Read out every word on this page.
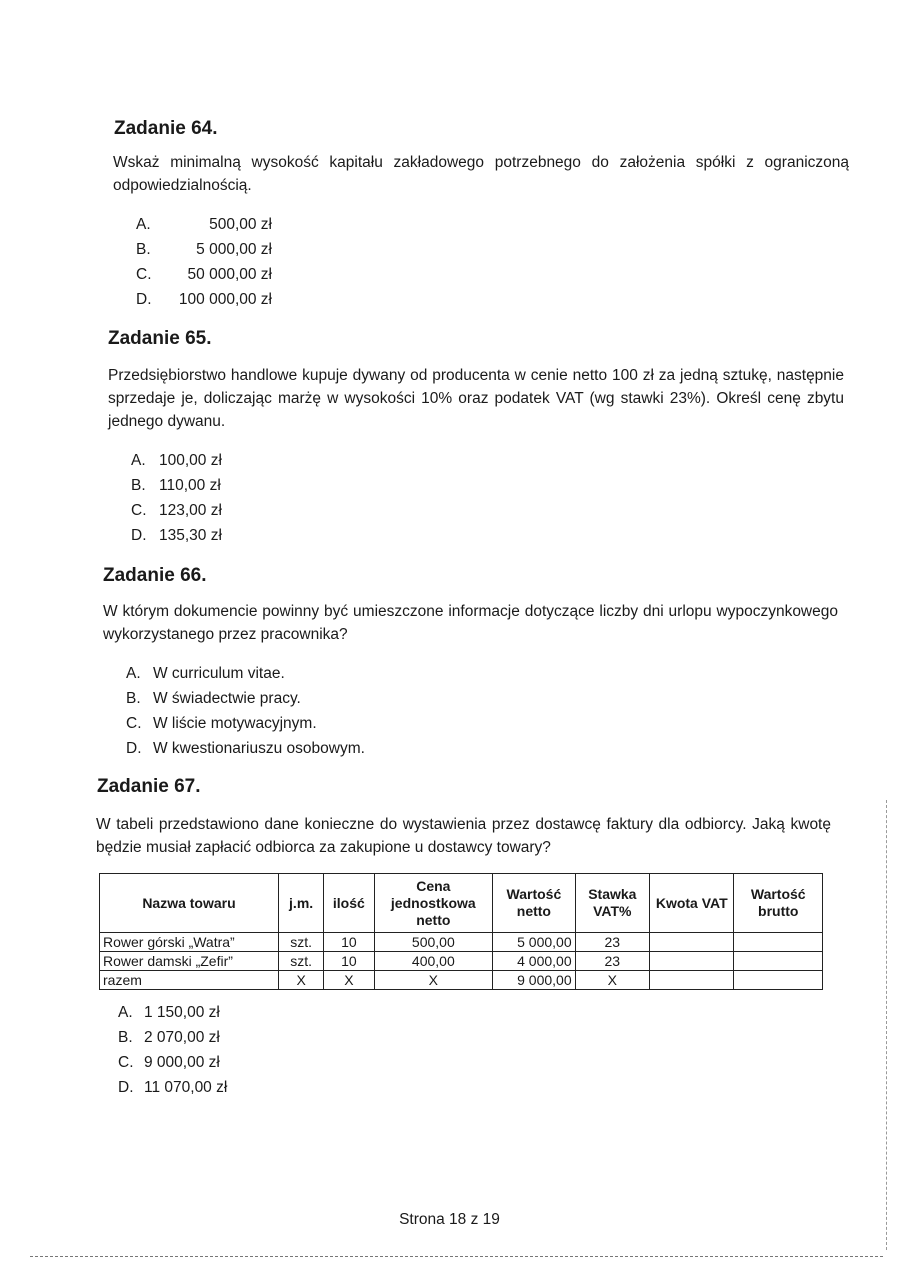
Zadanie 64.

Wskaż minimalną wysokość kapitału zakładowego potrzebnego do założenia spółki z ograniczoną odpowiedzialnością.

A.	500,00 zł
B.	5 000,00 zł
C. 50 000,00 zł
D. 100 000,00 zł
Zadanie 65.

Przedsiębiorstwo handlowe kupuje dywany od producenta w cenie netto 100 zł za jedną sztukę, następnie sprzedaje je, doliczając marżę w wysokości 10% oraz podatek VAT (wg stawki 23%). Określ cenę zbytu jednego dywanu.

A. 100,00 zł
B. 110,00 zł
C. 123,00 zł
D. 135,30 zł
Zadanie 66.

W którym dokumencie powinny być umieszczone informacje dotyczące liczby dni urlopu wypoczynkowego wykorzystanego przez pracownika?

A. W curriculum vitae.
B. W świadectwie pracy.
C. W liście motywacyjnym.
D. W kwestionariuszu osobowym.
Zadanie 67.

W tabeli przedstawiono dane konieczne do wystawienia przez dostawcę faktury dla odbiorcy. Jaką kwotę będzie musiał zapłacić odbiorca za zakupione u dostawcy towary?

Nazwa towaru	j.m.	ilość	Cena jednostkowa netto	Wartość netto	Stawka VAT%	Kwota VAT	Wartość brutto
Rower górski „Watra”	szt.	10	500,00	5 000,00	23		
Rower damski „Zefir”	szt.	10	400,00	4 000,00	23		
razem	X	X	X	9 000,00	X		
A. 1 150,00 zł
B. 2 070,00 zł
C. 9 000,00 zł
D. 11 070,00 zł
Strona 18 z 19
